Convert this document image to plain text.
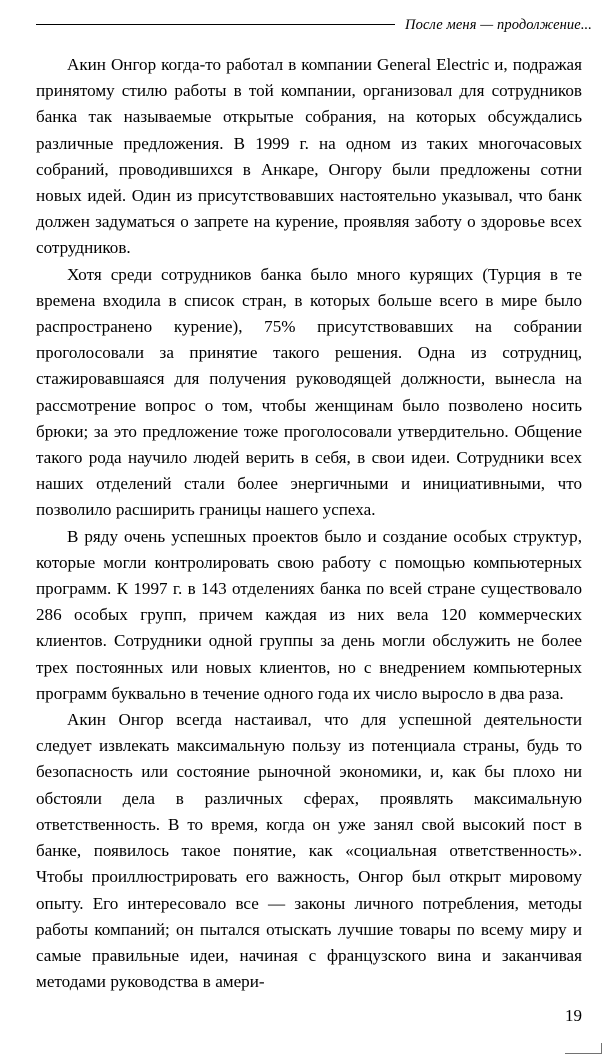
После меня — продолжение...

Акин Онгор когда-то работал в компании General Electric и, подражая принятому стилю работы в той компании, организовал для сотрудников банка так называемые открытые собрания, на которых обсуждались различные предложения. В 1999 г. на одном из таких многочасовых собраний, проводившихся в Анкаре, Онгору были предложены сотни новых идей. Один из присутствовавших настоятельно указывал, что банк должен задуматься о запрете на курение, проявляя заботу о здоровье всех сотрудников.

Хотя среди сотрудников банка было много курящих (Турция в те времена входила в список стран, в которых больше всего в мире было распространено курение), 75% присутствовавших на собрании проголосовали за принятие такого решения. Одна из сотрудниц, стажировавшаяся для получения руководящей должности, вынесла на рассмотрение вопрос о том, чтобы женщинам было позволено носить брюки; за это предложение тоже проголосовали утвердительно. Общение такого рода научило людей верить в себя, в свои идеи. Сотрудники всех наших отделений стали более энергичными и инициативными, что позволило расширить границы нашего успеха.

В ряду очень успешных проектов было и создание особых структур, которые могли контролировать свою работу с помощью компьютерных программ. К 1997 г. в 143 отделениях банка по всей стране существовало 286 особых групп, причем каждая из них вела 120 коммерческих клиентов. Сотрудники одной группы за день могли обслужить не более трех постоянных или новых клиентов, но с внедрением компьютерных программ буквально в течение одного года их число выросло в два раза.

Акин Онгор всегда настаивал, что для успешной деятельности следует извлекать максимальную пользу из потенциала страны, будь то безопасность или состояние рыночной экономики, и, как бы плохо ни обстояли дела в различных сферах, проявлять максимальную ответственность. В то время, когда он уже занял свой высокий пост в банке, появилось такое понятие, как «социальная ответственность». Чтобы проиллюстрировать его важность, Онгор был открыт мировому опыту. Его интересовало все — законы личного потребления, методы работы компаний; он пытался отыскать лучшие товары по всему миру и самые правильные идеи, начиная с французского вина и заканчивая методами руководства в амери-

19
